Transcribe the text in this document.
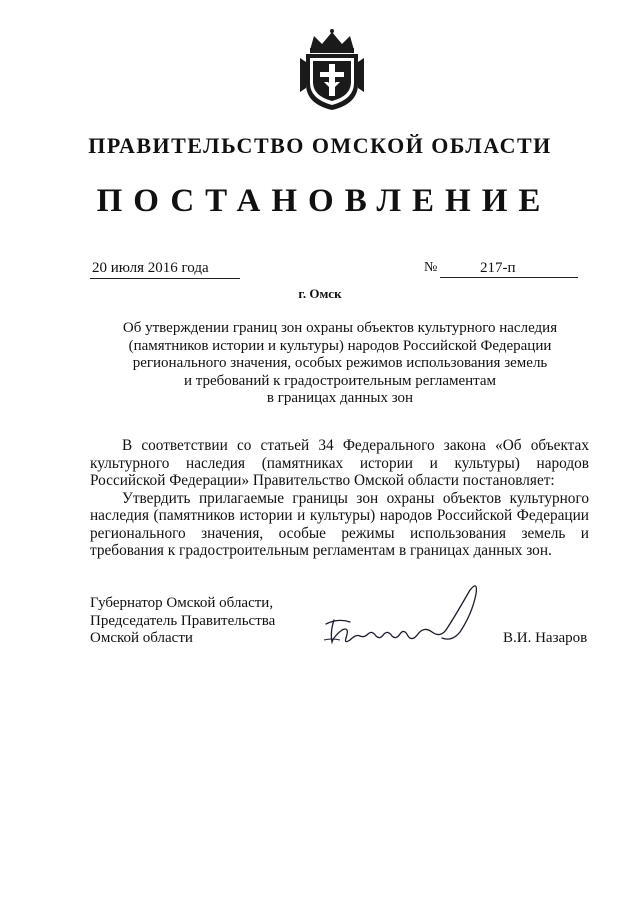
ПРАВИТЕЛЬСТВО ОМСКОЙ ОБЛАСТИ
ПОСТАНОВЛЕНИЕ
20 июля 2016 года	№	217-п
г. Омск
Об утверждении границ зон охраны объектов культурного наследия
(памятников истории и культуры) народов Российской Федерации
регионального значения, особых режимов использования земель
и требований к градостроительным регламентам
в границах данных зон

В соответствии со статьей 34 Федерального закона «Об объектах культурного наследия (памятниках истории и культуры) народов Российской Федерации» Правительство Омской области постановляет:

Утвердить прилагаемые границы зон охраны объектов культурного наследия (памятников истории и культуры) народов Российской Федерации регионального значения, особые режимы использования земель и требования к градостроительным регламентам в границах данных зон.

Губернатор Омской области,
Председатель Правительства
Омской области	В.И. Назаров
